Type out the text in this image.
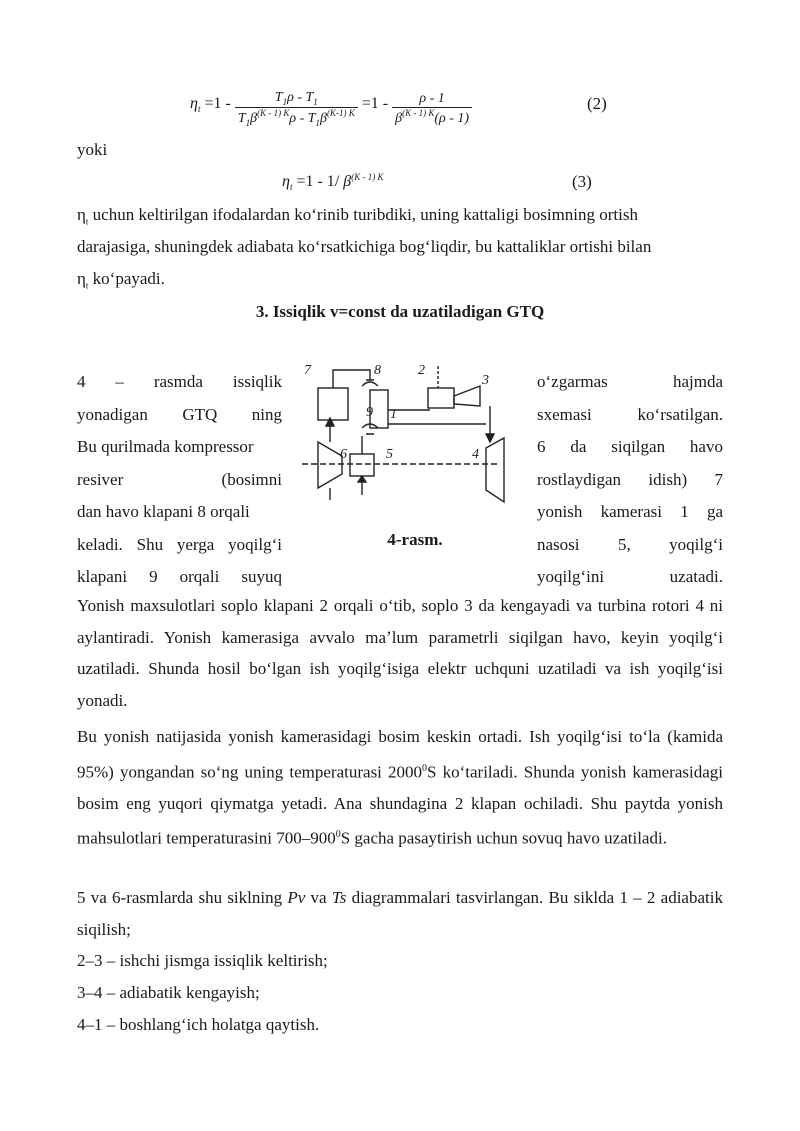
$\eta_t =1 - \frac{T_1\rho - T_1}{T_1\beta^{(K - 1) K}\rho - T_1\beta^{(K-1) K}} =1 - \frac{\rho - 1}{\beta^{(K - 1) K}(\rho - 1)}$	(2)
yoki
$\eta_t =1 - 1/$ $\beta^{(K - 1) K}$	(3)
$\eta_t$ uchun keltirilgan ifodalardan koʻrinib turibdiki, uning kattaligi bosimning ortish
darajasiga, shuningdek adiabata koʻrsatkichiga bogʻliqdir, bu kattaliklar ortishi bilan
$\eta_t$ koʻpayadi.
3. Issiqlik v=const da uzatiladigan GTQ
4 – rasmda issiqlik
yonadigan GTQ ning
Bu qurilmada kompressor
resiver	(bosimni
dan havo klapani 8 orqali
keladi. Shu yerga yoqilgʻi
klapani 9 orqali suyuq
oʻzgarmas	hajmda
sxemasi	koʻrsatilgan.
6 da siqilgan havo
rostlaydigan idish) 7
yonish kamerasi 1 ga
nasosi 5, yoqilgʻi
yoqilgʻini	uzatadi.
7	8	2
3
9 1
6	5	4
4-rasm.
Yonish maxsulotlari soplo klapani 2 orqali oʻtib, soplo 3 da kengayadi va turbina rotori 4 ni aylantiradi. Yonish kamerasiga avvalo maʼlum parametrli siqilgan havo, keyin yoqilgʻi uzatiladi. Shunda hosil boʻlgan ish yoqilgʻisiga elektr uchquni uzatiladi va ish yoqilgʻisi yonadi.
Bu yonish natijasida yonish kamerasidagi bosim keskin ortadi. Ish yoqilgʻisi toʻla (kamida 95%) yongandan soʻng uning temperaturasi 2000$^0$S koʻtariladi. Shunda yonish kamerasidagi bosim eng yuqori qiymatga yetadi. Ana shundagina 2 klapan ochiladi. Shu paytda yonish mahsulotlari temperaturasini $700-900^0S$ gacha pasaytirish uchun sovuq havo uzatiladi.
5 va 6-rasmlarda shu siklning Pv va Ts diagrammalari tasvirlangan. Bu siklda 1 – 2 adiabatik siqilish;
2–3 – ishchi jismga issiqlik keltirish;
3–4 – adiabatik kengayish;
4–1 – boshlangʻich holatga qaytish.
